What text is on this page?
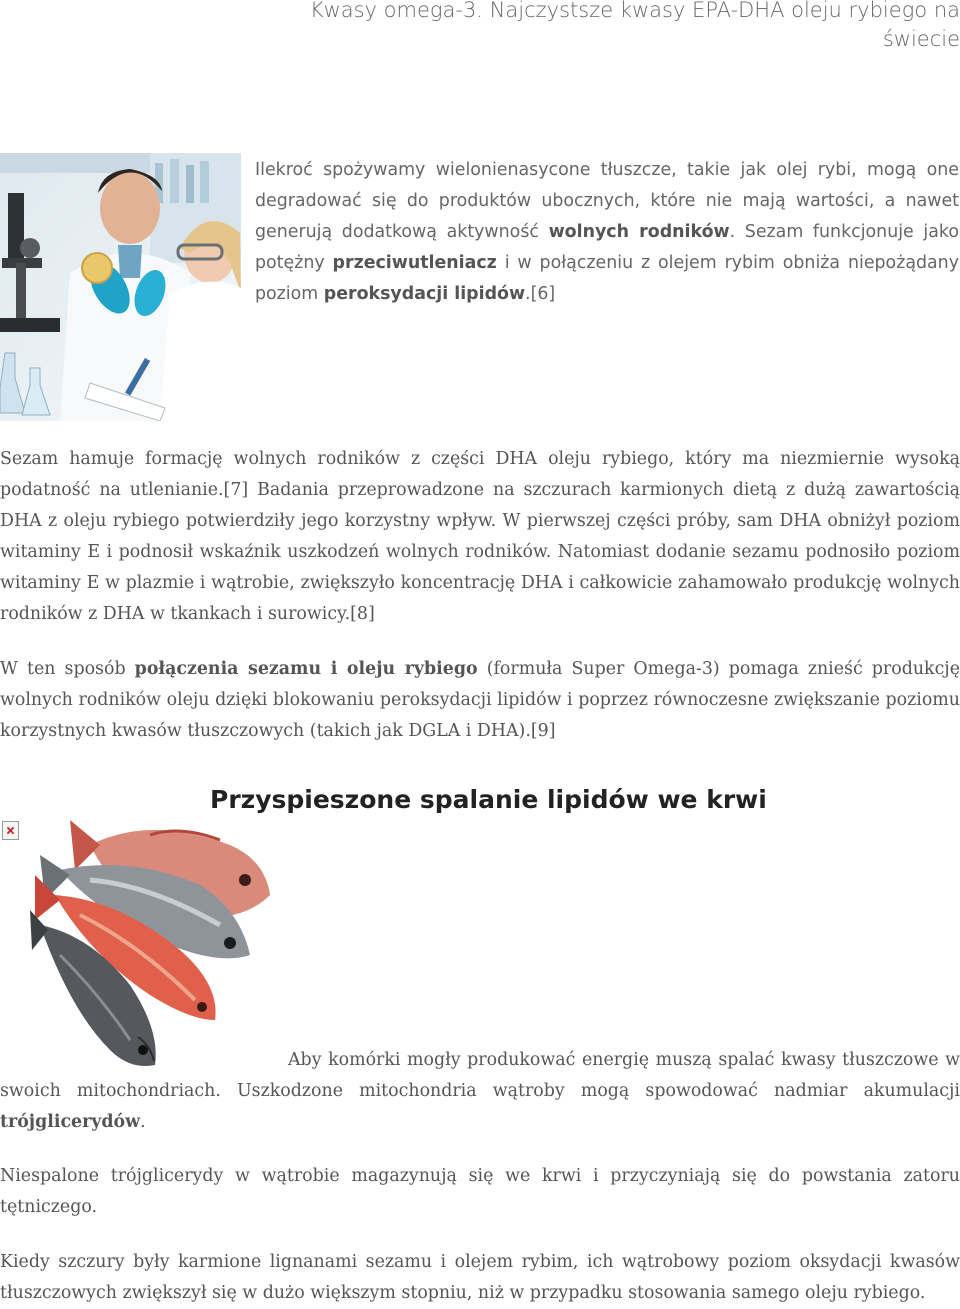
Kwasy omega-3. Najczystsze kwasy EPA-DHA oleju rybiego na świecie

Ilekroć spożywamy wielonienasycone tłuszcze, takie jak olej rybi, mogą one degradować się do produktów ubocznych, które nie mają wartości, a nawet generują dodatkową aktywność wolnych rodników. Sezam funkcjonuje jako potężny przeciwutleniacz i w połączeniu z olejem rybim obniża niepożądany poziom peroksydacji lipidów.[6]

Sezam hamuje formację wolnych rodników z części DHA oleju rybiego, który ma niezmiernie wysoką podatność na utlenianie.[7] Badania przeprowadzone na szczurach karmionych dietą z dużą zawartością DHA z oleju rybiego potwierdziły jego korzystny wpływ. W pierwszej części próby, sam DHA obniżył poziom witaminy E i podnosił wskaźnik uszkodzeń wolnych rodników. Natomiast dodanie sezamu podnosiło poziom witaminy E w plazmie i wątrobie, zwiększyło koncentrację DHA i całkowicie zahamowało produkcję wolnych rodników z DHA w tkankach i surowicy.[8]

W ten sposób połączenia sezamu i oleju rybiego (formuła Super Omega-3) pomaga znieść produkcję wolnych rodników oleju dzięki blokowaniu peroksydacji lipidów i poprzez równoczesne zwiększanie poziomu korzystnych kwasów tłuszczowych (takich jak DGLA i DHA).[9]

Przyspieszone spalanie lipidów we krwi

Aby komórki mogły produkować energię muszą spalać kwasy tłuszczowe w swoich mitochondriach. Uszkodzone mitochondria wątroby mogą spowodować nadmiar akumulacji trójglicerydów.

Niespalone trójglicerydy w wątrobie magazynują się we krwi i przyczyniają się do powstania zatoru tętniczego.

Kiedy szczury były karmione lignanami sezamu i olejem rybim, ich wątrobowy poziom oksydacji kwasów tłuszczowych zwiększył się w dużo większym stopniu, niż w przypadku stosowania samego oleju rybiego.
